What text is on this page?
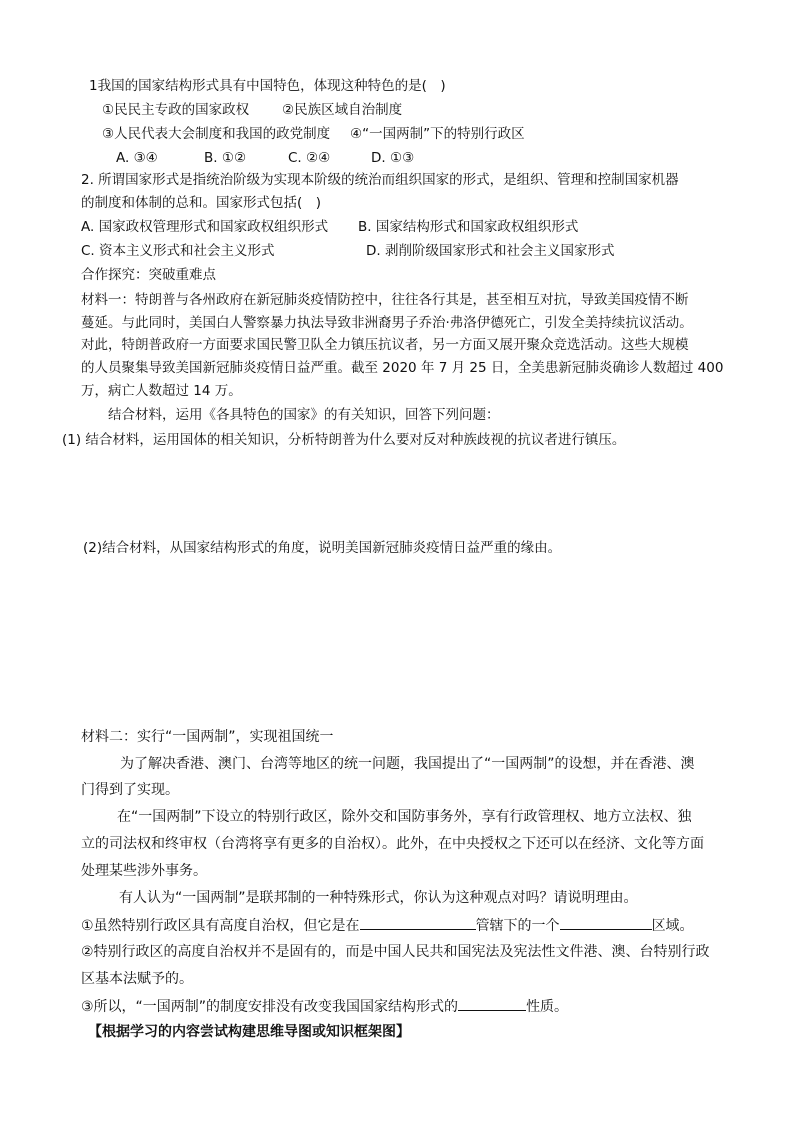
1我国的国家结构形式具有中国特色，体现这种特色的是(　)
①民民主专政的国家政权 ②民族区域自治制度
③人民代表大会制度和我国的政党制度 ④“一国两制”下的特别行政区
A. ③④	B. ①②	C. ②④	D. ①③
2. 所谓国家形式是指统治阶级为实现本阶级的统治而组织国家的形式，是组织、管理和控制国家机器
的制度和体制的总和。国家形式包括(　)
A. 国家政权管理形式和国家政权组织形式 B. 国家结构形式和国家政权组织形式
C. 资本主义形式和社会主义形式	D. 剥削阶级国家形式和社会主义国家形式
合作探究：突破重难点
材料一：特朗普与各州政府在新冠肺炎疫情防控中，往往各行其是，甚至相互对抗，导致美国疫情不断
蔓延。与此同时，美国白人警察暴力执法导致非洲裔男子乔治·弗洛伊德死亡，引发全美持续抗议活动。
对此，特朗普政府一方面要求国民警卫队全力镇压抗议者，另一方面又展开聚众竞选活动。这些大规模
的人员聚集导致美国新冠肺炎疫情日益严重。截至 2020 年 7 月 25 日，全美患新冠肺炎确诊人数超过 400
万，病亡人数超过 14 万。
结合材料，运用《各具特色的国家》的有关知识，回答下列问题：
(1) 结合材料，运用国体的相关知识，分析特朗普为什么要对反对种族歧视的抗议者进行镇压。
(2)结合材料，从国家结构形式的角度，说明美国新冠肺炎疫情日益严重的缘由。
材料二：实行“一国两制”，实现祖国统一
为了解决香港、澳门、台湾等地区的统一问题，我国提出了“一国两制”的设想，并在香港、澳
门得到了实现。
在“一国两制”下设立的特别行政区，除外交和国防事务外，享有行政管理权、地方立法权、独
立的司法权和终审权（台湾将享有更多的自治权）。此外，在中央授权之下还可以在经济、文化等方面
处理某些涉外事务。
有人认为“一国两制”是联邦制的一种特殊形式，你认为这种观点对吗？请说明理由。
①虽然特别行政区具有高度自治权，但它是在	管辖下的一个	区域。
②特别行政区的高度自治权并不是固有的，而是中国人民共和国宪法及宪法性文件港、澳、台特别行政
区基本法赋予的。
③所以，“一国两制”的制度安排没有改变我国国家结构形式的	性质。
【根据学习的内容尝试构建思维导图或知识框架图】
